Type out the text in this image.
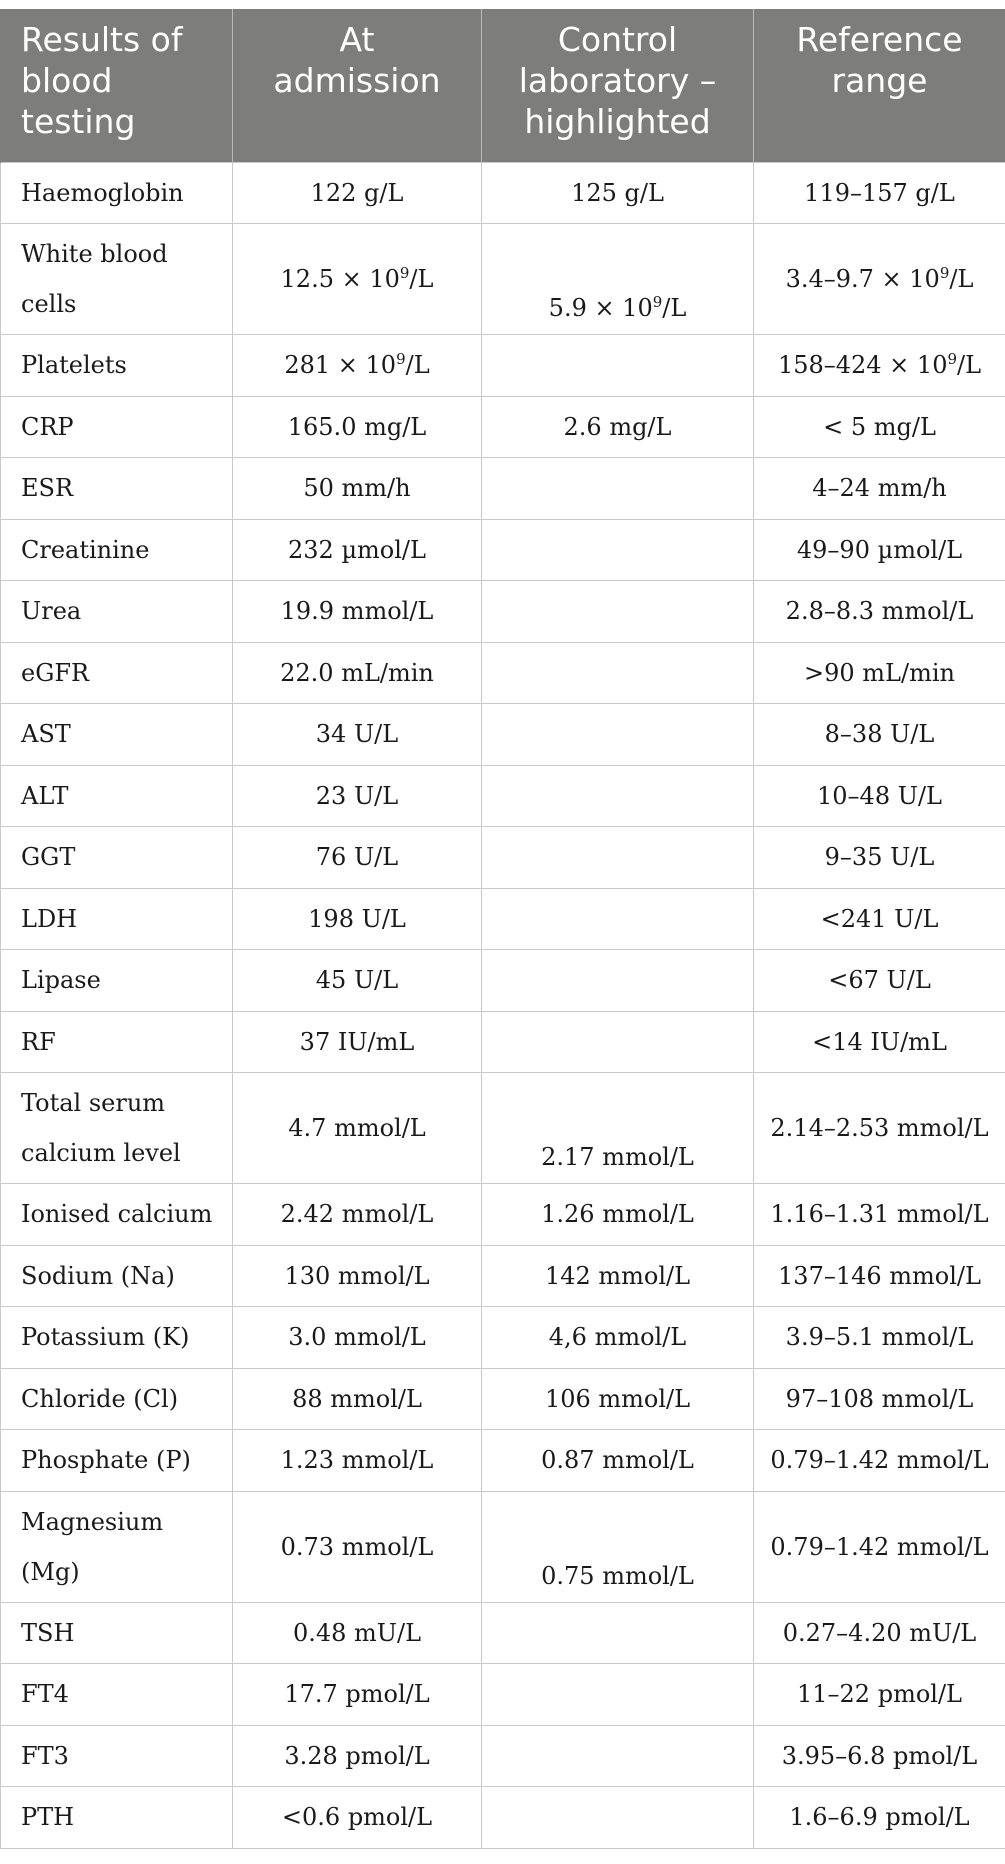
Results of blood testing	At admission	Control laboratory – highlighted	Reference range
Haemoglobin	122 g/L	125 g/L	119–157 g/L
White blood cells	$12.5 \times 10^9/L$	$5.9 \times 10^9/L$	$3.4-9.7 \times 10^9/L$
Platelets	$281 \times 10^9/L$		$158-424 \times 10^9/L$
CRP	165.0 mg/L	2.6 mg/L	< 5 mg/L
ESR	50 mm/h		4–24 mm/h
Creatinine	232 µmol/L		49–90 µmol/L
Urea	19.9 mmol/L		2.8–8.3 mmol/L
eGFR	22.0 mL/min		>90 mL/min
AST	34 U/L		8–38 U/L
ALT	23 U/L		10–48 U/L
GGT	76 U/L		9–35 U/L
LDH	198 U/L		<241 U/L
Lipase	45 U/L		<67 U/L
RF	37 IU/mL		<14 IU/mL
Total serum calcium level	4.7 mmol/L	2.17 mmol/L	2.14–2.53 mmol/L
Ionised calcium	2.42 mmol/L	1.26 mmol/L	1.16–1.31 mmol/L
Sodium (Na)	130 mmol/L	142 mmol/L	137–146 mmol/L
Potassium (K)	3.0 mmol/L	4,6 mmol/L	3.9–5.1 mmol/L
Chloride (Cl)	88 mmol/L	106 mmol/L	97–108 mmol/L
Phosphate (P)	1.23 mmol/L	0.87 mmol/L	0.79–1.42 mmol/L
Magnesium (Mg)	0.73 mmol/L	0.75 mmol/L	0.79–1.42 mmol/L
TSH	0.48 mU/L		0.27–4.20 mU/L
FT4	17.7 pmol/L		11–22 pmol/L
FT3	3.28 pmol/L		3.95–6.8 pmol/L
PTH	<0.6 pmol/L		1.6–6.9 pmol/L
